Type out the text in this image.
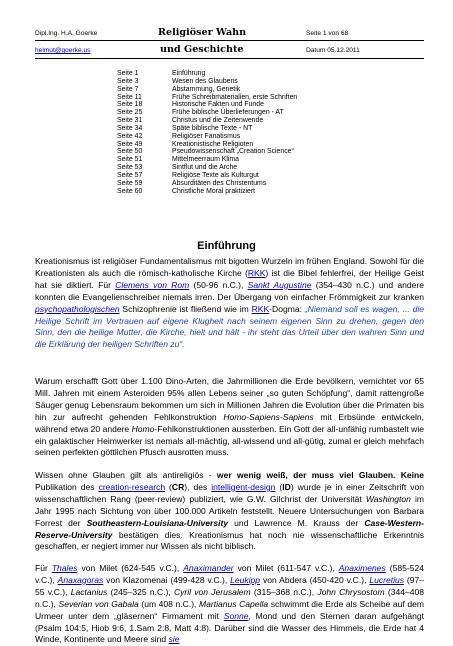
Dipl.Ing. H.A. Goerke	Religiöser Wahn	Seite 1 von 68
helmut@goerke.us	und Geschichte	Datum 05.12.2011
Seite 1	Einführung
Seite 3	Wesen des Glaubens
Seite 7	Abstammung, Genetik
Seite 11	Frühe Schreibmaterialien, erste Schriften
Seite 18	Historische Fakten und Funde
Seite 25	Frühe biblische Überlieferungen - AT
Seite 31	Christus und die Zeitenwende
Seite 34	Späte biblische Texte - NT
Seite 42	Religiöser Fanatismus
Seite 49	Kreationistische Religioten
Seite 50	Pseudowissenschaft „Creation Science“
Seite 51	Mittelmeerraum Klima
Seite 53	Sintflut und die Arche
Seite 57	Religiöse Texte als Kulturgut
Seite 59	Absurditäten des Christentums
Seite 60	Christliche Moral praktiziert
Einführung

Kreationismus ist religiöser Fundamentalismus mit bigotten Wurzeln im frühen England. Sowohl für die Kreationisten als auch die römisch-katholische Kirche (RKK) ist die Bibel fehlerfrei, der Heilige Geist hat sie diktiert. Für Clemens von Rom (50-96 n.C.), Sankt Augustine (354–430 n.C.) und andere konnten die Evangelienschreiber niemals irren. Der Übergang von einfacher Frömmigkeit zur kranken psychopathologischen Schizophrenie ist fließend wie im RKK-Dogma: „Niemand soll es wagen, ... die Heilige Schrift im Vertrauen auf eigene Klugheit nach seinem eigenen Sinn zu drehen, gegen den Sinn, den die heilige Mutter, die Kirche, hielt und hält - ihr steht das Urteil über den wahren Sinn und die Erklärung der heiligen Schriften zu“.

Warum erschafft Gott über 1.100 Dino-Arten, die Jahrmillionen die Erde bevölkern, vernichtet vor 65 Mill. Jahren mit einem Asteroiden 95% allen Lebens seiner „so guten Schöpfung“, damit rattengroße Säuger genug Lebensraum bekommen um sich in Millionen Jahren die Evolution über die Primaten bis hin zur aufrecht gehenden Fehlkonstruktion Homo-Sapiens-Sapiens mit Erbsünde entwickeln, während etwa 20 andere Homo-Fehlkonstruktionen aussterben. Ein Gott der all-unfähig rumbastelt wie ein galaktischer Heimwerker ist nemals all-mächtig, all-wissend und all-gütig, zumal er gleich mehrfach seinen perfekten göttlichen Pfusch ausrotten muss.

Wissen ohne Glauben gilt als antireligiös - wer wenig weiß, der muss viel Glauben. Keine Publikation des creation-research (CR), des intelligent-design (ID) wurde je in einer Zeitschrift von wissenschaftlichen Rang (peer-review) publiziert, wie G.W. Gilchrist der Universität Washington im Jahr 1995 nach Sichtung von über 100.000 Artikeln feststellt. Neuere Untersuchungen von Barbara Forrest der Southeastern-Louisiana-University und Lawrence M. Krauss der Case-Western-Reserve-University bestätigen dies. Kreationismus hat noch nie wissenschaftliche Erkenntnis geschaffen, er negiert immer nur Wissen als nicht biblisch.

Für Thales von Milet (624-545 v.C.), Anaximander von Milet (611-547 v.C.), Anaximenes (585-524 v.C.), Anaxagoras von Klazomenai (499-428 v.C.), Leukipp von Abdera (450-420 v.C.), Lucretius (97–55 v.C.), Lactanius (245–325 n.C.), Cyril von Jerusalem (315–368 n.C.), John Chrysostom (344–408 n.C.), Severian von Gabala (um 408 n.C.), Martianus Capella schwimmt die Erde als Scheibe auf dem Urmeer unter dem „gläsernen“ Firmament mit Sonne, Mond und den Sternen daran aufgehängt (Psalm 104:5, Hiob 9:6, 1.Sam 2:8, Matt 4:8). Darüber sind die Wasser des Himmels, die Erde hat 4 Winde, Kontinente und Meere sind sie
